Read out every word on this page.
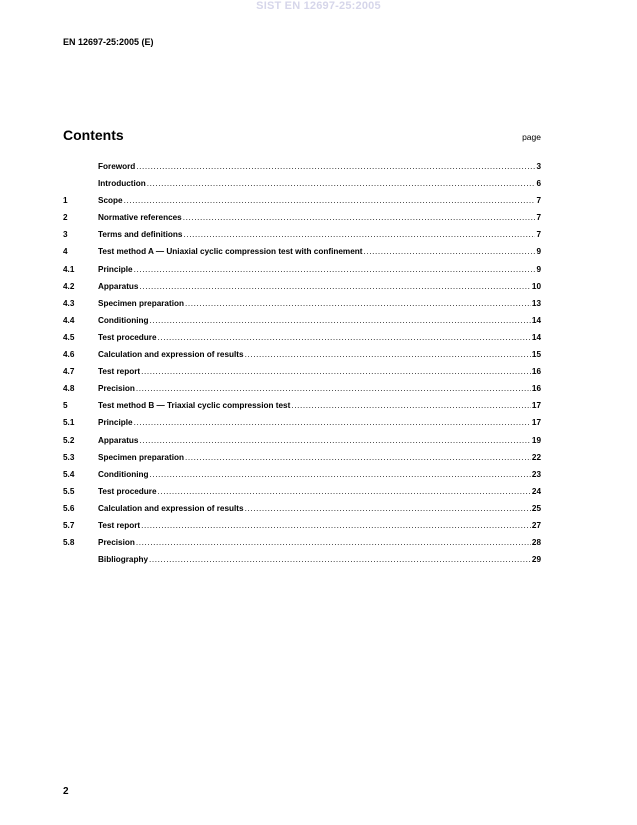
SIST EN 12697-25:2005
EN 12697-25:2005 (E)
Contents	page
Foreword .....	3
Introduction .....	6
1	Scope .....	7
2	Normative references .....	7
3	Terms and definitions .....	7
4	Test method A — Uniaxial cyclic compression test with confinement .....	9
4.1	Principle .....	9
4.2	Apparatus .....	10
4.3	Specimen preparation .....	13
4.4	Conditioning .....	14
4.5	Test procedure .....	14
4.6	Calculation and expression of results .....	15
4.7	Test report .....	16
4.8	Precision .....	16
5	Test method B — Triaxial cyclic compression test .....	17
5.1	Principle .....	17
5.2	Apparatus .....	19
5.3	Specimen preparation .....	22
5.4	Conditioning .....	23
5.5	Test procedure .....	24
5.6	Calculation and expression of results .....	25
5.7	Test report .....	27
5.8	Precision .....	28
Bibliography .....	29
2
